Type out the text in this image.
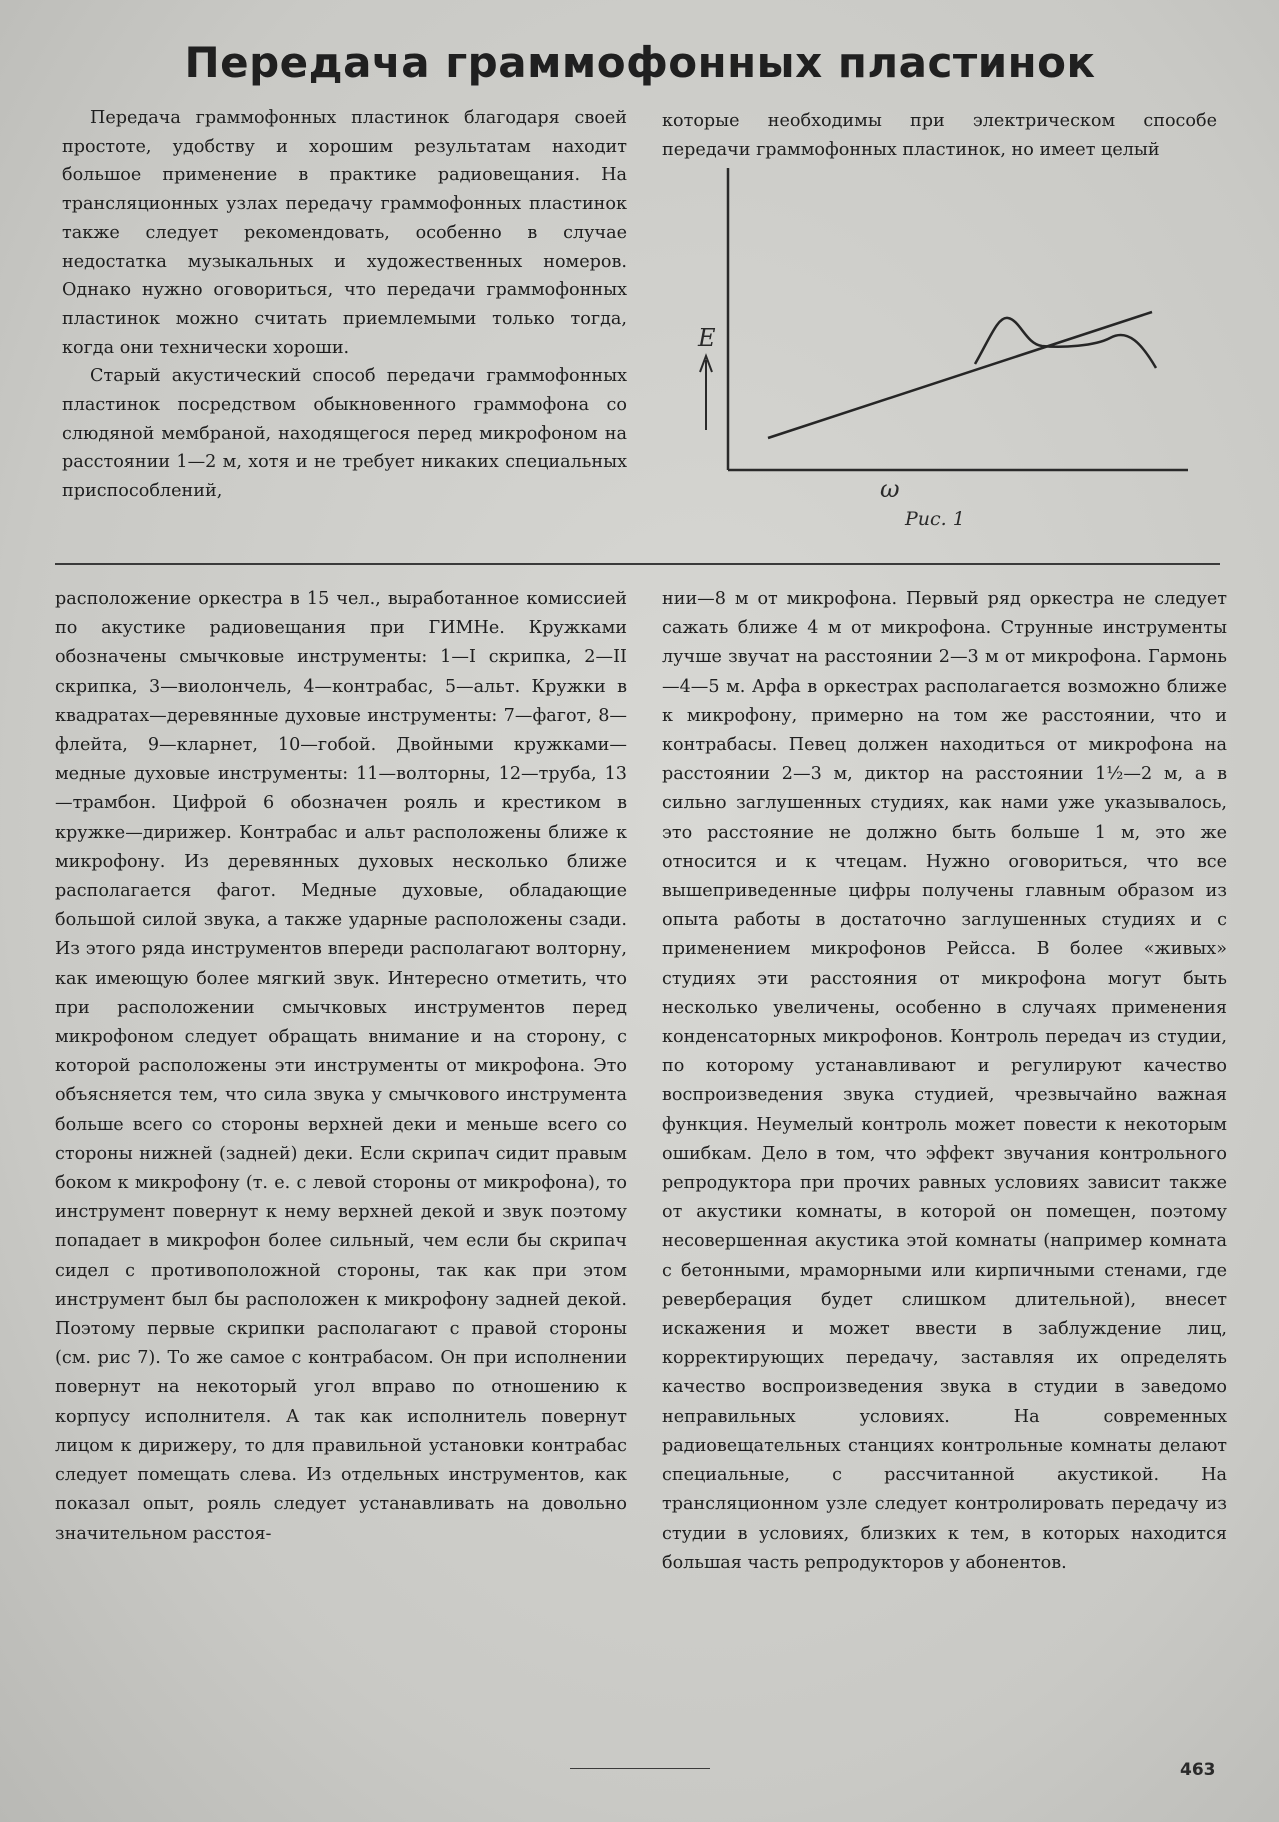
Передача граммофонных пластинок

Передача граммофонных пластинок благодаря своей простоте, удобству и хорошим результатам находит большое применение в практике радиовещания. На трансляционных узлах передачу граммофонных пластинок также следует рекомендовать, особенно в случае недостатка музыкальных и художественных номеров. Однако нужно оговориться, что передачи граммофонных пластинок можно считать приемлемыми только тогда, когда они технически хороши.

Старый акустический способ передачи граммофонных пластинок посредством обыкновенного граммофона со слюдяной мембраной, находящегося перед микрофоном на расстоянии 1—2 м, хотя и не требует никаких специальных приспособлений,

которые необходимы при электрическом способе передачи граммофонных пластинок, но имеет целый

E
ω
Рис. 1

расположение оркестра в 15 чел., выработанное комиссией по акустике радиовещания при ГИМНе. Кружками обозначены смычковые инструменты: 1—I скрипка, 2—II скрипка, 3—виолончель, 4—контрабас, 5—альт. Кружки в квадратах—деревянные духовые инструменты: 7—фагот, 8—флейта, 9—кларнет, 10—гобой. Двойными кружками—медные духовые инструменты: 11—волторны, 12—труба, 13—трамбон. Цифрой 6 обозначен рояль и крестиком в кружке—дирижер. Контрабас и альт расположены ближе к микрофону. Из деревянных духовых несколько ближе располагается фагот. Медные духовые, обладающие большой силой звука, а также ударные расположены сзади. Из этого ряда инструментов впереди располагают волторну, как имеющую более мягкий звук. Интересно отметить, что при расположении смычковых инструментов перед микрофоном следует обращать внимание и на сторону, с которой расположены эти инструменты от микрофона. Это объясняется тем, что сила звука у смычкового инструмента больше всего со стороны верхней деки и меньше всего со стороны нижней (задней) деки. Если скрипач сидит правым боком к микрофону (т. е. с левой стороны от микрофона), то инструмент повернут к нему верхней декой и звук поэтому попадает в микрофон более сильный, чем если бы скрипач сидел с противоположной стороны, так как при этом инструмент был бы расположен к микрофону задней декой. Поэтому первые скрипки располагают с правой стороны (см. рис 7). То же самое с контрабасом. Он при исполнении повернут на некоторый угол вправо по отношению к корпусу исполнителя. А так как исполнитель повернут лицом к дирижеру, то для правильной установки контрабас следует помещать слева. Из отдельных инструментов, как показал опыт, рояль следует устанавливать на довольно значительном расстоя-

нии—8 м от микрофона. Первый ряд оркестра не следует сажать ближе 4 м от микрофона. Струнные инструменты лучше звучат на расстоянии 2—3 м от микрофона. Гармонь—4—5 м. Арфа в оркестрах располагается возможно ближе к микрофону, примерно на том же расстоянии, что и контрабасы. Певец должен находиться от микрофона на расстоянии 2—3 м, диктор на расстоянии 1½—2 м, а в сильно заглушенных студиях, как нами уже указывалось, это расстояние не должно быть больше 1 м, это же относится и к чтецам. Нужно оговориться, что все вышеприведенные цифры получены главным образом из опыта работы в достаточно заглушенных студиях и с применением микрофонов Рейсса. В более «живых» студиях эти расстояния от микрофона могут быть несколько увеличены, особенно в случаях применения конденсаторных микрофонов. Контроль передач из студии, по которому устанавливают и регулируют качество воспроизведения звука студией, чрезвычайно важная функция. Неумелый контроль может повести к некоторым ошибкам. Дело в том, что эффект звучания контрольного репродуктора при прочих равных условиях зависит также от акустики комнаты, в которой он помещен, поэтому несовершенная акустика этой комнаты (например комната с бетонными, мраморными или кирпичными стенами, где реверберация будет слишком длительной), внесет искажения и может ввести в заблуждение лиц, корректирующих передачу, заставляя их определять качество воспроизведения звука в студии в заведомо неправильных условиях. На современных радиовещательных станциях контрольные комнаты делают специальные, с рассчитанной акустикой. На трансляционном узле следует контролировать передачу из студии в условиях, близких к тем, в которых находится большая часть репродукторов у абонентов.

463
